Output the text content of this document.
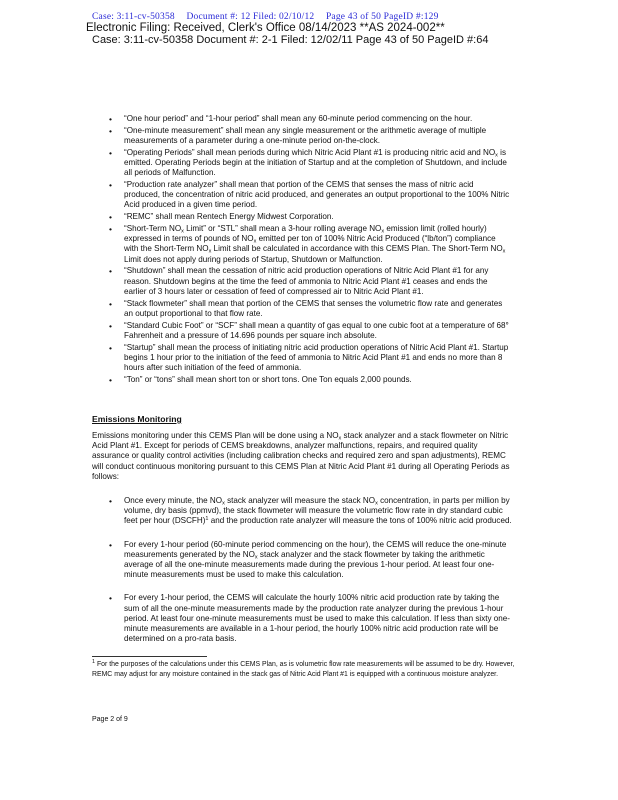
Case: 3:11-cv-50358 Document #: 12 Filed: 02/10/12 Page 43 of 50 PageID #:129
Electronic Filing: Received, Clerk's Office 08/14/2023 **AS 2024-002**
Case: 3:11-cv-50358 Document #: 2-1 Filed: 12/02/11 Page 43 of 50 PageID #:64
• “One hour period” and “1-hour period” shall mean any 60-minute period commencing on the hour.
• “One-minute measurement” shall mean any single measurement or the arithmetic average of multiple measurements of a parameter during a one-minute period on-the-clock.
• “Operating Periods” shall mean periods during which Nitric Acid Plant #1 is producing nitric acid and $NO_x$ is emitted. Operating Periods begin at the initiation of Startup and at the completion of Shutdown, and include all periods of Malfunction.
• “Production rate analyzer” shall mean that portion of the CEMS that senses the mass of nitric acid produced, the concentration of nitric acid produced, and generates an output proportional to the 100% Nitric Acid produced in a given time period.
• “REMC” shall mean Rentech Energy Midwest Corporation.
• “Short-Term $NO_x$ Limit” or “STL” shall mean a 3-hour rolling average $NO_x$ emission limit (rolled hourly) expressed in terms of pounds of $NO_x$ emitted per ton of 100% Nitric Acid Produced (“lb/ton”) compliance with the Short-Term $NO_x$ Limit shall be calculated in accordance with this CEMS Plan. The Short-Term $NO_x$ Limit does not apply during periods of Startup, Shutdown or Malfunction.
• “Shutdown” shall mean the cessation of nitric acid production operations of Nitric Acid Plant #1 for any reason. Shutdown begins at the time the feed of ammonia to Nitric Acid Plant #1 ceases and ends the earlier of 3 hours later or cessation of feed of compressed air to Nitric Acid Plant #1.
• “Stack flowmeter” shall mean that portion of the CEMS that senses the volumetric flow rate and generates an output proportional to that flow rate.
• “Standard Cubic Foot” or “SCF” shall mean a quantity of gas equal to one cubic foot at a temperature of 68° Fahrenheit and a pressure of 14.696 pounds per square inch absolute.
• “Startup” shall mean the process of initiating nitric acid production operations of Nitric Acid Plant #1. Startup begins 1 hour prior to the initiation of the feed of ammonia to Nitric Acid Plant #1 and ends no more than 8 hours after such initiation of the feed of ammonia.
• “Ton” or “tons” shall mean short ton or short tons. One Ton equals 2,000 pounds.
Emissions Monitoring

Emissions monitoring under this CEMS Plan will be done using a $NO_x$ stack analyzer and a stack flowmeter on Nitric Acid Plant #1. Except for periods of CEMS breakdowns, analyzer malfunctions, repairs, and required quality assurance or quality control activities (including calibration checks and required zero and span adjustments), REMC will conduct continuous monitoring pursuant to this CEMS Plan at Nitric Acid Plant #1 during all Operating Periods as follows:

• Once every minute, the $NO_x$ stack analyzer will measure the stack $NO_x$ concentration, in parts per million by volume, dry basis (ppmvd), the stack flowmeter will measure the volumetric flow rate in dry standard cubic feet per hour (DSCFH)$^1$ and the production rate analyzer will measure the tons of 100% nitric acid produced.
• For every 1-hour period (60-minute period commencing on the hour), the CEMS will reduce the one-minute measurements generated by the $NO_x$ stack analyzer and the stack flowmeter by taking the arithmetic average of all the one-minute measurements made during the previous 1-hour period. At least four one-minute measurements must be used to make this calculation.
• For every 1-hour period, the CEMS will calculate the hourly 100% nitric acid production rate by taking the sum of all the one-minute measurements made by the production rate analyzer during the previous 1-hour period. At least four one-minute measurements must be used to make this calculation. If less than sixty one-minute measurements are available in a 1-hour period, the hourly 100% nitric acid production rate will be determined on a pro-rata basis.

$^1$ For the purposes of the calculations under this CEMS Plan, as is volumetric flow rate measurements will be assumed to be dry. However, REMC may adjust for any moisture contained in the stack gas of Nitric Acid Plant #1 is equipped with a continuous moisture analyzer.

Page 2 of 9
